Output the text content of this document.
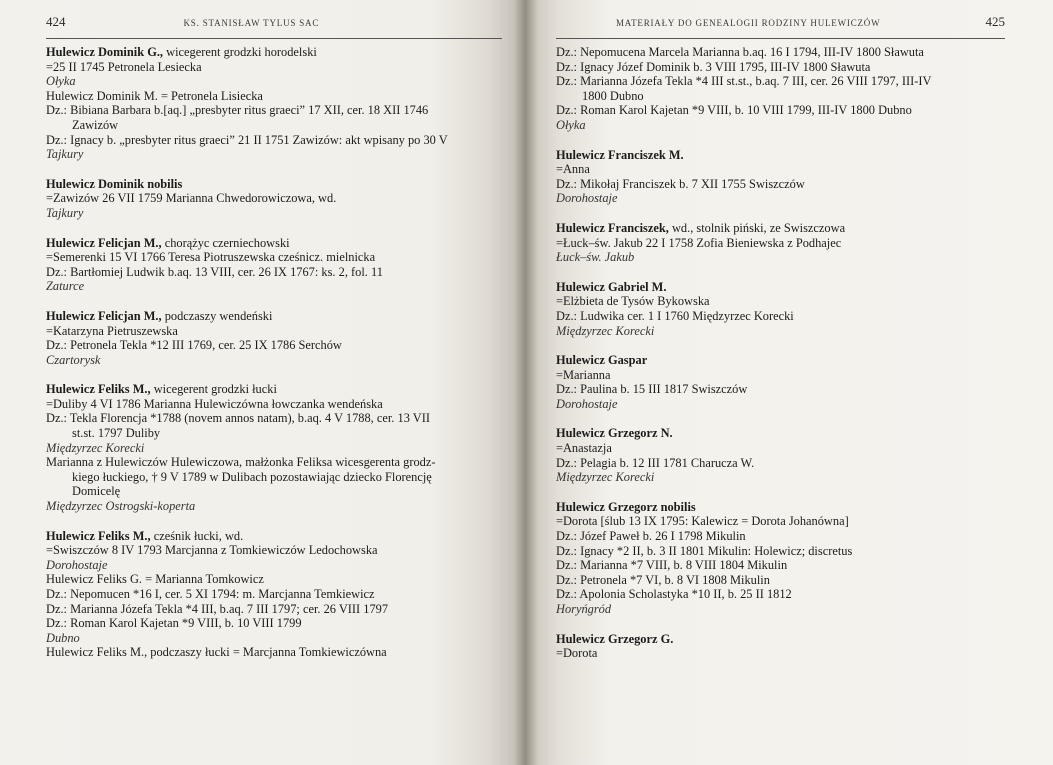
424	KS. STANISŁAW TYLUS SAC
Hulewicz Dominik G., wicegerent grodzki horodelski
=25 II 1745 Petronela Lesiecka
Ołyka
Hulewicz Dominik M. = Petronela Lisiecka
Dz.: Bibiana Barbara b.[aq.] „presbyter ritus graeci” 17 XII, cer. 18 XII 1746
Zawizów
Dz.: Ignacy b. „presbyter ritus graeci” 21 II 1751 Zawizów: akt wpisany po 30 V
Tajkury
Hulewicz Dominik nobilis
=Zawizów 26 VII 1759 Marianna Chwedorowiczowa, wd.
Tajkury
Hulewicz Felicjan M., chorążyc czerniechowski
=Semerenki 15 VI 1766 Teresa Piotruszewska cześnicz. mielnicka
Dz.: Bartłomiej Ludwik b.aq. 13 VIII, cer. 26 IX 1767: ks. 2, fol. 11
Zaturce
Hulewicz Felicjan M., podczaszy wendeński
=Katarzyna Pietruszewska
Dz.: Petronela Tekla *12 III 1769, cer. 25 IX 1786 Serchów
Czartorysk
Hulewicz Feliks M., wicegerent grodzki łucki
=Duliby 4 VI 1786 Marianna Hulewiczówna łowczanka wendeńska
Dz.: Tekla Florencja *1788 (novem annos natam), b.aq. 4 V 1788, cer. 13 VII
st.st. 1797 Duliby
Międzyrzec Korecki
Marianna z Hulewiczów Hulewiczowa, małżonka Feliksa wicesgerenta grodz-
kiego łuckiego, † 9 V 1789 w Dulibach pozostawiając dziecko Florencję
Domicelę
Międzyrzec Ostrogski-koperta
Hulewicz Feliks M., cześnik łucki, wd.
=Swiszczów 8 IV 1793 Marcjanna z Tomkiewiczów Ledochowska
Dorohostaje
Hulewicz Feliks G. = Marianna Tomkowicz
Dz.: Nepomucen *16 I, cer. 5 XI 1794: m. Marcjanna Temkiewicz
Dz.: Marianna Józefa Tekla *4 III, b.aq. 7 III 1797; cer. 26 VIII 1797
Dz.: Roman Karol Kajetan *9 VIII, b. 10 VIII 1799
Dubno
Hulewicz Feliks M., podczaszy łucki = Marcjanna Tomkiewiczówna
MATERIAŁY DO GENEALOGII RODZINY HULEWICZÓW	425
Dz.: Nepomucena Marcela Marianna b.aq. 16 I 1794, III-IV 1800 Sławuta
Dz.: Ignacy Józef Dominik b. 3 VIII 1795, III-IV 1800 Sławuta
Dz.: Marianna Józefa Tekla *4 III st.st., b.aq. 7 III, cer. 26 VIII 1797, III-IV
1800 Dubno
Dz.: Roman Karol Kajetan *9 VIII, b. 10 VIII 1799, III-IV 1800 Dubno
Ołyka
Hulewicz Franciszek M.
=Anna
Dz.: Mikołaj Franciszek b. 7 XII 1755 Swiszczów
Dorohostaje
Hulewicz Franciszek, wd., stolnik piński, ze Swiszczowa
=Łuck–św. Jakub 22 I 1758 Zofia Bieniewska z Podhajec
Łuck–św. Jakub
Hulewicz Gabriel M.
=Elżbieta de Tysów Bykowska
Dz.: Ludwika cer. 1 I 1760 Międzyrzec Korecki
Międzyrzec Korecki
Hulewicz Gaspar
=Marianna
Dz.: Paulina b. 15 III 1817 Swiszczów
Dorohostaje
Hulewicz Grzegorz N.
=Anastazja
Dz.: Pelagia b. 12 III 1781 Charucza W.
Międzyrzec Korecki
Hulewicz Grzegorz nobilis
=Dorota [ślub 13 IX 1795: Kalewicz = Dorota Johanówna]
Dz.: Józef Paweł b. 26 I 1798 Mikulin
Dz.: Ignacy *2 II, b. 3 II 1801 Mikulin: Holewicz; discretus
Dz.: Marianna *7 VIII, b. 8 VIII 1804 Mikulin
Dz.: Petronela *7 VI, b. 8 VI 1808 Mikulin
Dz.: Apolonia Scholastyka *10 II, b. 25 II 1812
Horyńgród
Hulewicz Grzegorz G.
=Dorota
